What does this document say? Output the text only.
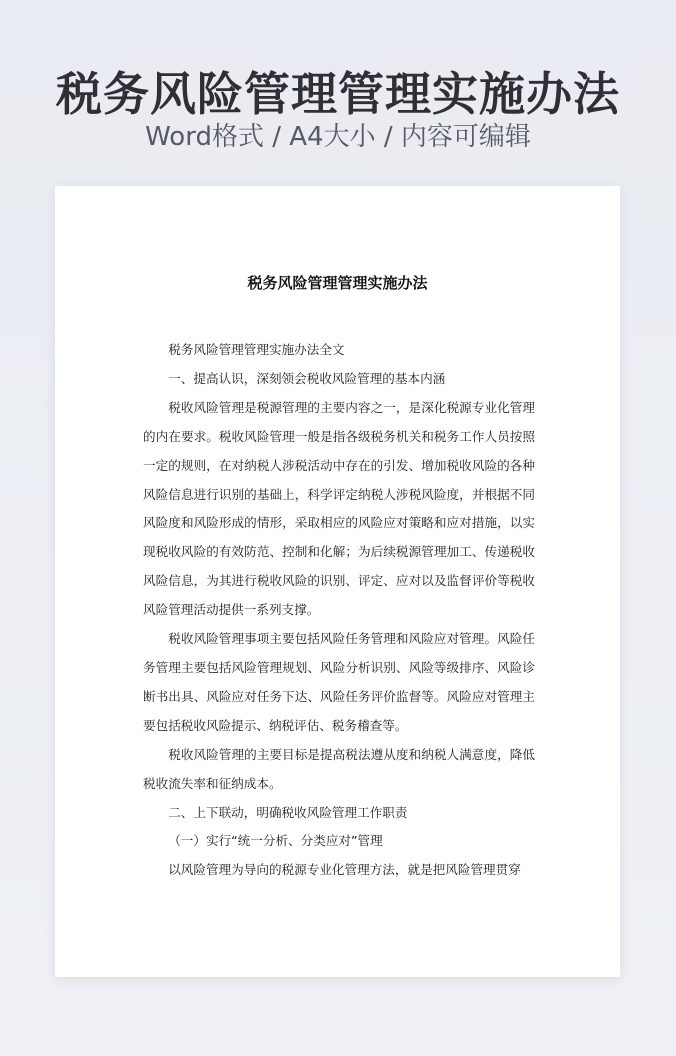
税务风险管理管理实施办法
Word格式 / A4大小 / 内容可编辑
税务风险管理管理实施办法

税务风险管理管理实施办法全文

一、提高认识，深刻领会税收风险管理的基本内涵

税收风险管理是税源管理的主要内容之一，是深化税源专业化管理的内在要求。税收风险管理一般是指各级税务机关和税务工作人员按照一定的规则，在对纳税人涉税活动中存在的引发、增加税收风险的各种风险信息进行识别的基础上，科学评定纳税人涉税风险度，并根据不同风险度和风险形成的情形，采取相应的风险应对策略和应对措施，以实现税收风险的有效防范、控制和化解；为后续税源管理加工、传递税收风险信息，为其进行税收风险的识别、评定、应对以及监督评价等税收风险管理活动提供一系列支撑。

税收风险管理事项主要包括风险任务管理和风险应对管理。风险任务管理主要包括风险管理规划、风险分析识别、风险等级排序、风险诊断书出具、风险应对任务下达、风险任务评价监督等。风险应对管理主要包括税收风险提示、纳税评估、税务稽查等。

税收风险管理的主要目标是提高税法遵从度和纳税人满意度，降低税收流失率和征纳成本。

二、上下联动，明确税收风险管理工作职责

（一）实行“统一分析、分类应对”管理

以风险管理为导向的税源专业化管理方法，就是把风险管理贯穿
